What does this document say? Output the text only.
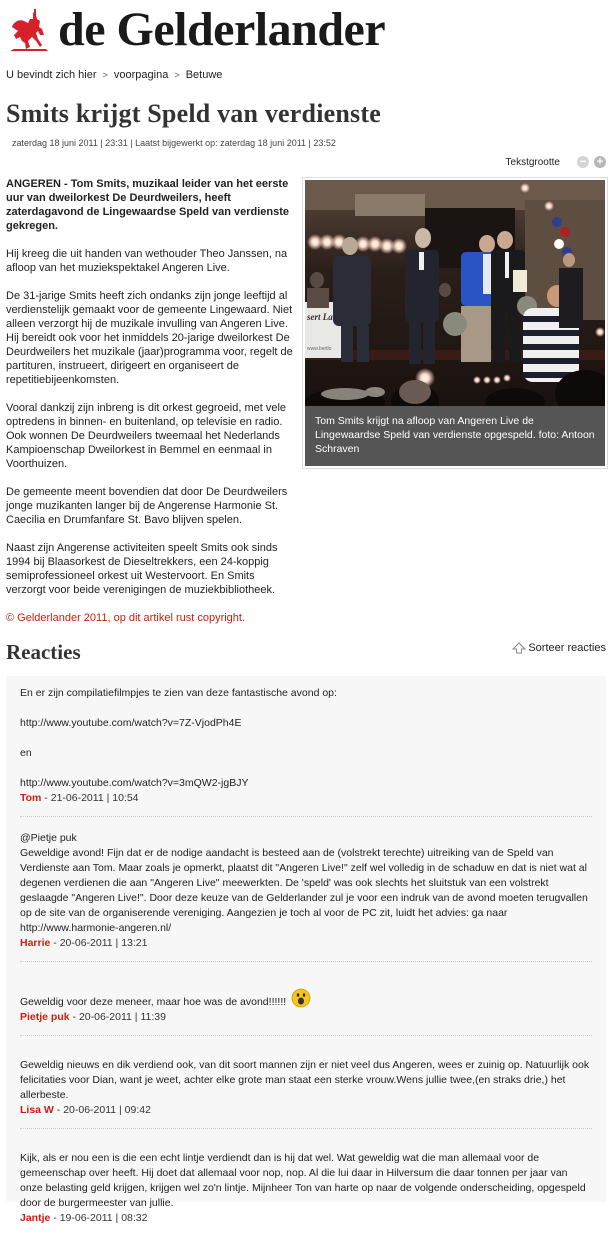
de Gelderlander
U bevindt zich hier > voorpagina > Betuwe
Smits krijgt Speld van verdienste
zaterdag 18 juni 2011 | 23:31 | Laatst bijgewerkt op: zaterdag 18 juni 2011 | 23:52
Tekstgrootte − +

ANGEREN - Tom Smits, muzikaal leider van het eerste uur van dweilorkest De Deurdweilers, heeft zaterdagavond de Lingewaardse Speld van verdienste gekregen.

Hij kreeg die uit handen van wethouder Theo Janssen, na afloop van het muziekspektakel Angeren Live.

De 31-jarige Smits heeft zich ondanks zijn jonge leeftijd al verdienstelijk gemaakt voor de gemeente Lingewaard. Niet alleen verzorgt hij de muzikale invulling van Angeren Live. Hij bereidt ook voor het inmiddels 20-jarige dweilorkest De Deurdweilers het muzikale (jaar)programma voor, regelt de partituren, instrueert, dirigeert en organiseert de repetitiebijeenkomsten.

Vooral dankzij zijn inbreng is dit orkest gegroeid, met vele optredens in binnen- en buitenland, op televisie en radio. Ook wonnen De Deurdweilers tweemaal het Nederlands Kampioenschap Dweilorkest in Bemmel en eenmaal in Voorthuizen.

De gemeente meent bovendien dat door De Deurdweilers jonge muzikanten langer bij de Angerense Harmonie St. Caecilia en Drumfanfare St. Bavo blijven spelen.

Naast zijn Angerense activiteiten speelt Smits ook sinds 1994 bij Blaasorkest de Dieseltrekkers, een 24-koppig semiprofessioneel orkest uit Westervoort. En Smits verzorgt voor beide verenigingen de muziekbibliotheek.

© Gelderlander 2011, op dit artikel rust copyright.

sert La
www.bertlo
Tom Smits krijgt na afloop van Angeren Live de Lingewaardse Speld van verdienste opgespeld. foto: Antoon Schraven
Reacties	Sorteer reacties

En er zijn compilatiefilmpjes te zien van deze fantastische avond op:

http://www.youtube.com/watch?v=7Z-VjodPh4E

en

http://www.youtube.com/watch?v=3mQW2-jgBJY

Tom - 21-06-2011 | 10:54

@Pietje puk

Geweldige avond! Fijn dat er de nodige aandacht is besteed aan de (volstrekt terechte) uitreiking van de Speld van Verdienste aan Tom. Maar zoals je opmerkt, plaatst dit "Angeren Live!" zelf wel volledig in de schaduw en dat is niet wat al degenen verdienen die aan "Angeren Live" meewerkten. De 'speld' was ook slechts het sluitstuk van een volstrekt geslaagde "Angeren Live!". Door deze keuze van de Gelderlander zul je voor een indruk van de avond moeten terugvallen op de site van de organiserende vereniging. Aangezien je toch al voor de PC zit, luidt het advies: ga naar http://www.harmonie-angeren.nl/

Harrie - 20-06-2011 | 13:21

Geweldig voor deze meneer, maar hoe was de avond!!!!!!

Pietje puk - 20-06-2011 | 11:39

Geweldig nieuws en dik verdiend ook, van dit soort mannen zijn er niet veel dus Angeren, wees er zuinig op. Natuurlijk ook felicitaties voor Dian, want je weet, achter elke grote man staat een sterke vrouw.Wens jullie twee,(en straks drie,) het allerbeste.

Lisa W - 20-06-2011 | 09:42

Kijk, als er nou een is die een echt lintje verdiendt dan is hij dat wel. Wat geweldig wat die man allemaal voor de gemeenschap over heeft. Hij doet dat allemaal voor nop, nop. Al die lui daar in Hilversum die daar tonnen per jaar van onze belasting geld krijgen, krijgen wel zo'n lintje. Mijnheer Ton van harte op naar de volgende onderscheiding, opgespeld door de burgermeester van jullie.

Jantje - 19-06-2011 | 08:32
